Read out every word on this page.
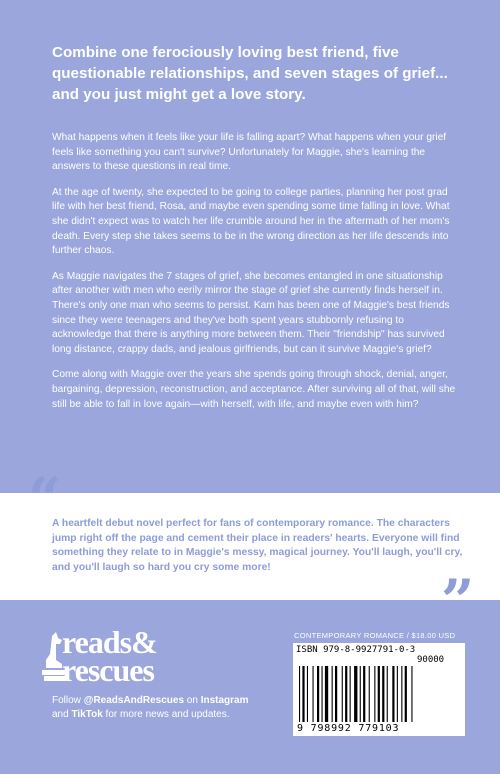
Combine one ferociously loving best friend, five questionable relationships, and seven stages of grief... and you just might get a love story.

What happens when it feels like your life is falling apart? What happens when your grief feels like something you can't survive? Unfortunately for Maggie, she's learning the answers to these questions in real time.

At the age of twenty, she expected to be going to college parties, planning her post grad life with her best friend, Rosa, and maybe even spending some time falling in love. What she didn't expect was to watch her life crumble around her in the aftermath of her mom's death. Every step she takes seems to be in the wrong direction as her life descends into further chaos.

As Maggie navigates the 7 stages of grief, she becomes entangled in one situationship after another with men who eerily mirror the stage of grief she currently finds herself in. There's only one man who seems to persist. Kam has been one of Maggie's best friends since they were teenagers and they've both spent years stubbornly refusing to acknowledge that there is anything more between them. Their "friendship" has survived long distance, crappy dads, and jealous girlfriends, but can it survive Maggie's grief?

Come along with Maggie over the years she spends going through shock, denial, anger, bargaining, depression, reconstruction, and acceptance. After surviving all of that, will she still be able to fall in love again—with herself, with life, and maybe even with him?

“
A heartfelt debut novel perfect for fans of contemporary romance. The characters jump right off the page and cement their place in readers' hearts. Everyone will find something they relate to in Maggie's messy, magical journey. You'll laugh, you'll cry, and you'll laugh so hard you cry some more!	”
reads&
rescues
Follow @ReadsAndRescues on Instagram
and TikTok for more news and updates.
CONTEMPORARY ROMANCE / $18.00 USD
ISBN 979-8-9927791-0-3
90000
9 798992 779103
